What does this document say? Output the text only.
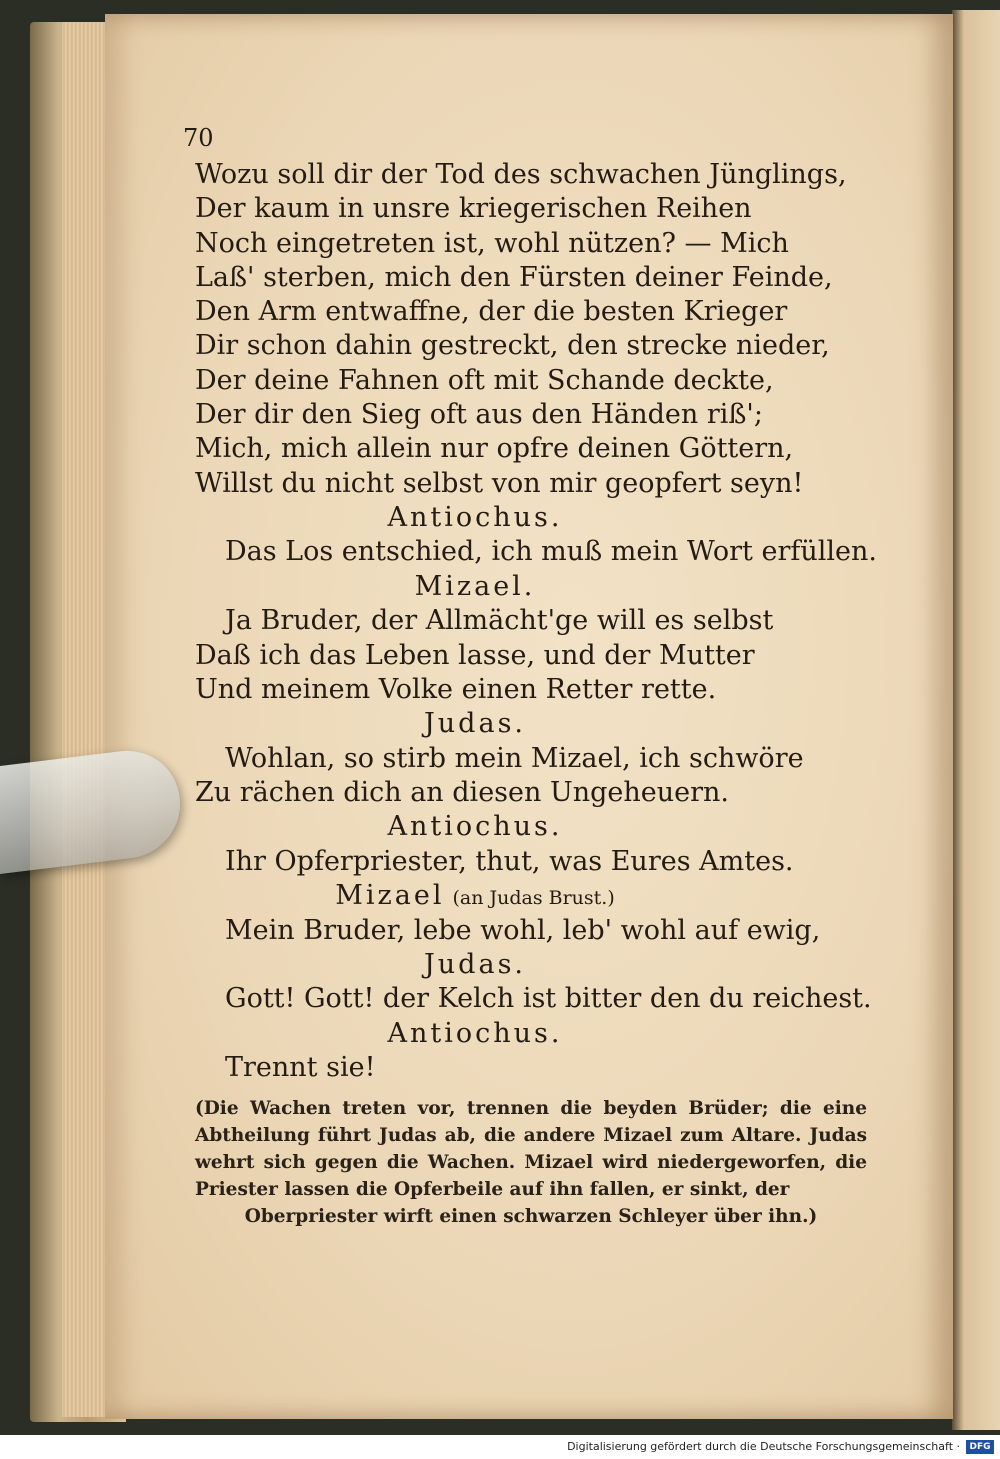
70
Wozu soll dir der Tod des schwachen Jünglings,
Der kaum in unsre kriegerischen Reihen
Noch eingetreten ist, wohl nützen? — Mich
Laß' sterben, mich den Fürsten deiner Feinde,
Den Arm entwaffne, der die besten Krieger
Dir schon dahin gestreckt, den strecke nieder,
Der deine Fahnen oft mit Schande deckte,
Der dir den Sieg oft aus den Händen riß';
Mich, mich allein nur opfre deinen Göttern,
Willst du nicht selbst von mir geopfert seyn!
Antiochus.
Das Los entschied, ich muß mein Wort erfüllen.
Mizael.
Ja Bruder, der Allmächt'ge will es selbst
Daß ich das Leben lasse, und der Mutter
Und meinem Volke einen Retter rette.
Judas.
Wohlan, so stirb mein Mizael, ich schwöre
Zu rächen dich an diesen Ungeheuern.
Antiochus.
Ihr Opferpriester, thut, was Eures Amtes.
Mizael (an Judas Brust.)
Mein Bruder, lebe wohl, leb' wohl auf ewig,
Judas.
Gott! Gott! der Kelch ist bitter den du reichest.
Antiochus.
Trennt sie!
(Die Wachen treten vor, trennen die beyden Brüder; die eine Abtheilung führt Judas ab, die andere Mizael zum Altare. Judas wehrt sich gegen die Wachen. Mizael wird niedergeworfen, die Priester lassen die Opferbeile auf ihn fallen, er sinkt, der
Oberpriester wirft einen schwarzen Schleyer über ihn.)
Digitalisierung gefördert durch die Deutsche Forschungsgemeinschaft ·	DFG
